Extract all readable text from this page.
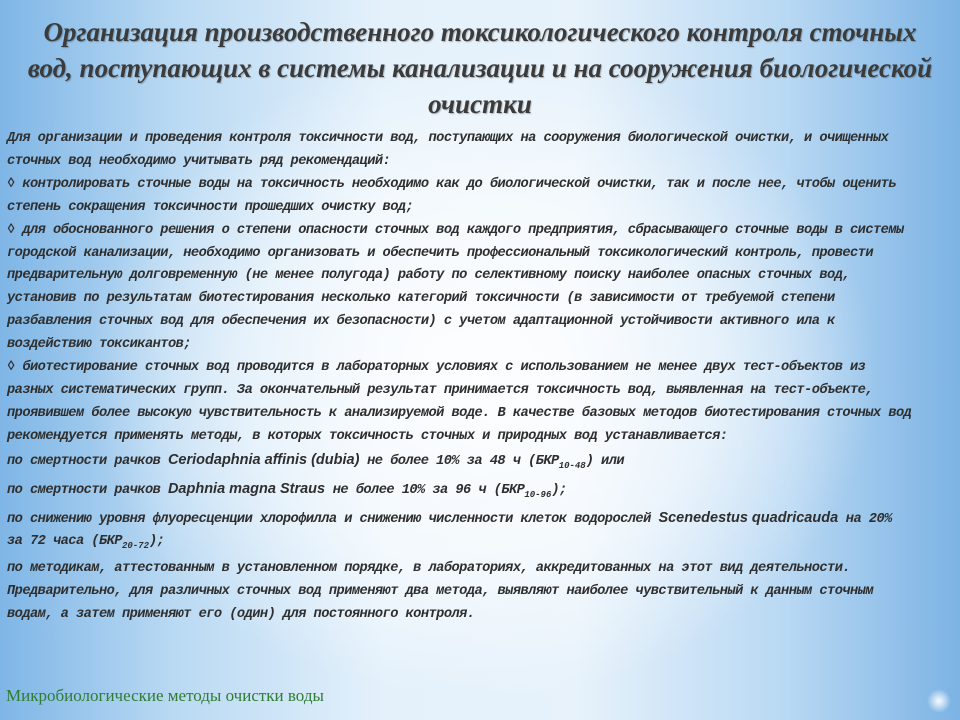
Организация производственного токсикологического контроля сточных вод, поступающих в системы канализации и на сооружения биологической очистки

Для организации и проведения контроля токсичности вод, поступающих на сооружения биологической очистки, и очищенных сточных вод необходимо учитывать ряд рекомендаций:

◊ контролировать сточные воды на токсичность необходимо как до биологической очистки, так и после нее, чтобы оценить степень сокращения токсичности прошедших очистку вод;

◊ для обоснованного решения о степени опасности сточных вод каждого предприятия, сбрасывающего сточные воды в системы городской канализации, необходимо организовать и обеспечить профессиональный токсикологический контроль, провести предварительную долговременную (не менее полугода) работу по селективному поиску наиболее опасных сточных вод, установив по результатам биотестирования несколько категорий токсичности (в зависимости от требуемой степени разбавления сточных вод для обеспечения их безопасности) с учетом адаптационной устойчивости активного ила к воздействию токсикантов;

◊ биотестирование сточных вод проводится в лабораторных условиях с использованием не менее двух тест-объектов из разных систематических групп. За окончательный результат принимается токсичность вод, выявленная на тест-объекте, проявившем более высокую чувствительность к анализируемой воде. В качестве базовых методов биотестирования сточных вод рекомендуется применять методы, в которых токсичность сточных и природных вод устанавливается:

по смертности рачков Ceriodaphnia affinis (dubia) не более 10% за 48 ч $(БКР_{10-48})$ или

по смертности рачков Daphnia magna Straus не более 10% за 96 ч $(БКР_{10-96})$;

по снижению уровня флуоресценции хлорофилла и снижению численности клеток водорослей Scenedestus quadricauda на 20% за 72 часа $(БКР_{20-72})$;

по методикам, аттестованным в установленном порядке, в лабораториях, аккредитованных на этот вид деятельности. Предварительно, для различных сточных вод применяют два метода, выявляют наиболее чувствительный к данным сточным водам, а затем применяют его (один) для постоянного контроля.

Микробиологические методы очистки воды
